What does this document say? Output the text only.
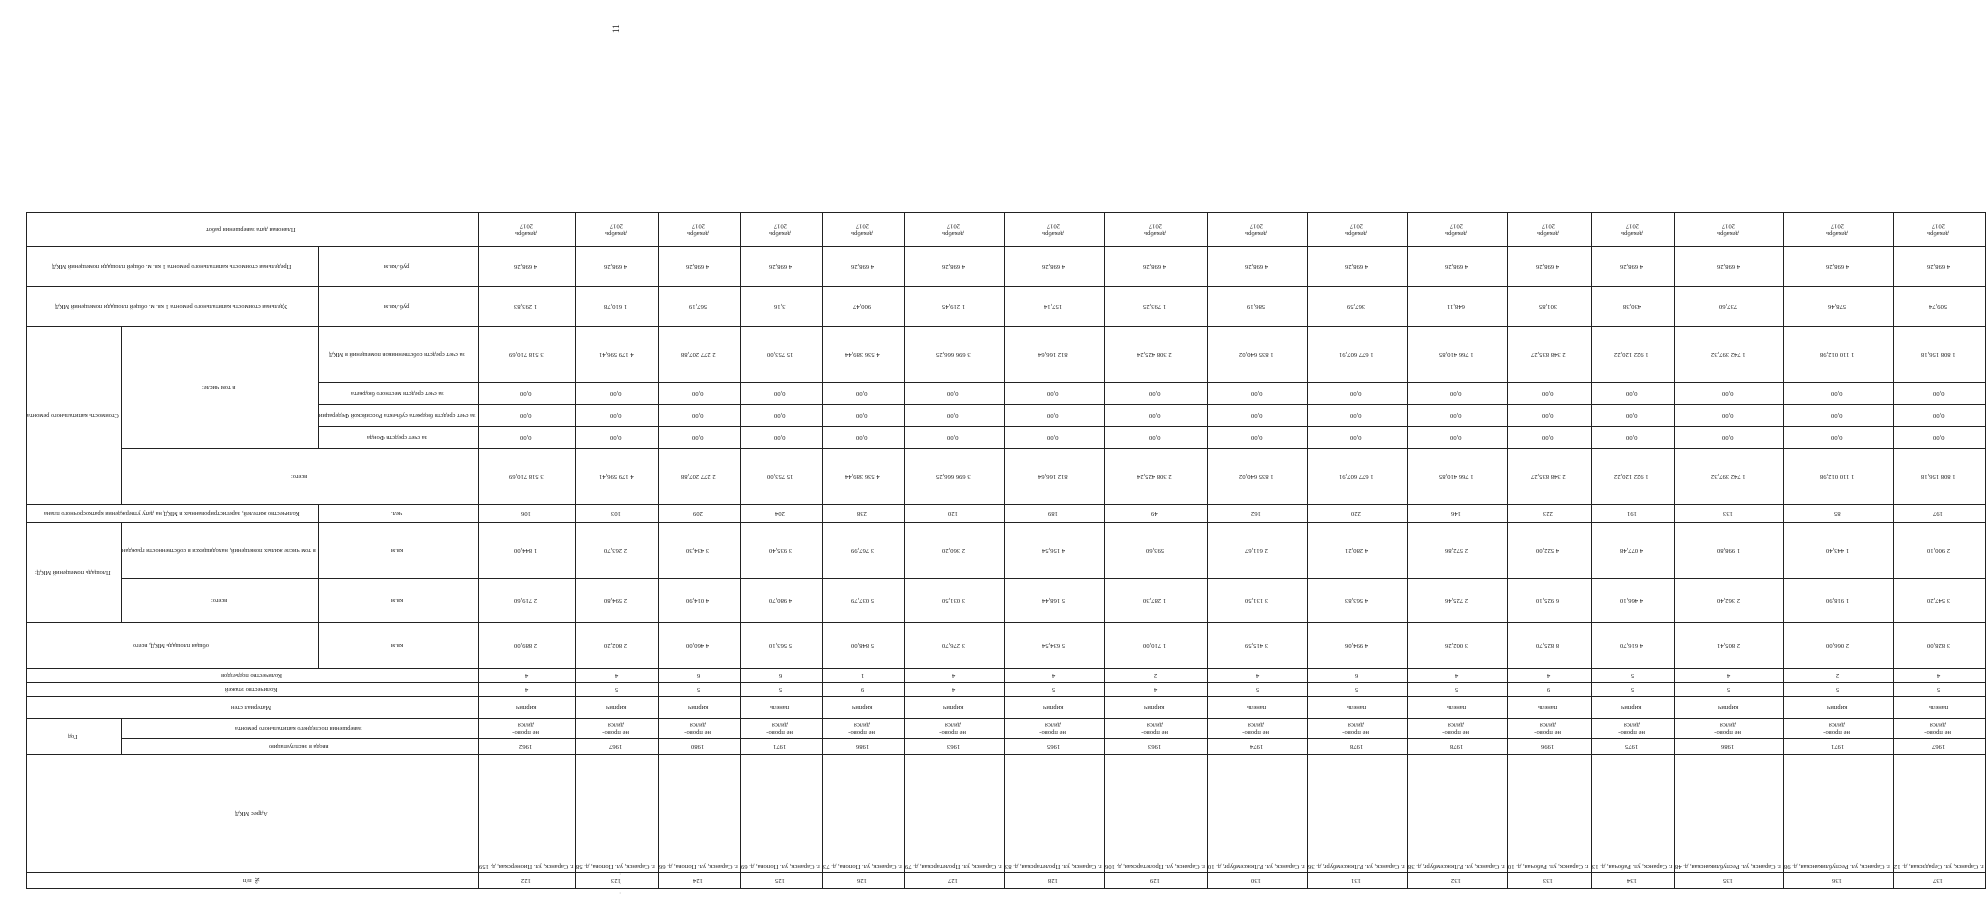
№ п/п	Адрес МКД	Год		Материал стен	Количество этажей	Количество подъездов	общая площадь МКД, всего	Площадь помещений МКД:		Количество жителей, зарегистрированных в МКД на дату утверждения краткосрочного плана	Стоимость капитального ремонта					Удельная стоимость капитального ремонта 1 кв. м. общей площади помещений МКД	Предельная стоимость капитального ремонта 1 кв. м. общей площади помещений МКД	Плановая дата завершения работ
		ввода в эксплуатацию	завершения последнего капитального ремонта					всего:	в том числе жилых помещений, находящихся в собственности граждан		всего:	в том числе:						
							кв.м	кв.м	кв.м	чел.		за счет средств Фонда	за счет средств бюджета субъекта Российской Федерации	за счет средств местного бюджета	за счет средств собственников помещений в МКД	руб./кв.м	руб./кв.м	
122	г. Саранск, ул. Пионерская, д. 159	1962	не прово-дился	кирпич	4	4	2 889,00	2 719,60	1 844,00	106	3 518 710,69	0,00	0,00	0,00	3 518 710,69	1 293,83	4 698,26	декабрь 2017
123	г. Саранск, ул. Попова, д. 58	1967	не прово-дился	кирпич	5	4	2 802,20	2 594,80	2 263,70	103	4 179 596,41	0,00	0,00	0,00	4 179 596,41	1 610,78	4 698,26	декабрь 2017
124	г. Саранск, ул. Попова, д. 66	1980	не прово-дился	кирпич	5	6	4 460,00	4 014,90	3 434,30	209	2 277 207,88	0,00	0,00	0,00	2 277 207,88	567,19	4 698,26	декабрь 2017
125	г. Саранск, ул. Попова, д. 69	1971	не прово-дился	панель	5	6	5 563,10	4 980,70	3 935,40	204	15 753,00	0,00	0,00	0,00	15 753,00	3,16	4 698,26	декабрь 2017
126	г. Саранск, ул. Попова, д. 73	1986	не прово-дился	кирпич	9	1	5 848,00	5 037,79	3 767,99	238	4 536 389,44	0,00	0,00	0,00	4 536 389,44	900,47	4 698,26	декабрь 2017
127	г. Саранск, ул. Пролетарская, д. 79	1963	не прово-дился	кирпич	4	4	3 276,70	3 031,50	2 360,20	120	3 696 666,25	0,00	0,00	0,00	3 696 666,25	1 219,45	4 698,26	декабрь 2017
128	г. Саранск, ул. Пролетарская, д. 83	1965	не прово-дился	кирпич	5	4	5 634,54	5 168,44	4 156,54	189	812 166,64	0,00	0,00	0,00	812 166,64	157,14	4 698,26	декабрь 2017
129	г. Саранск, ул. Пролетарская, д. 106	1963	не прово-дился	кирпич	4	2	1 710,00	1 287,30	593,60	49	2 308 425,24	0,00	0,00	0,00	2 308 425,24	1 793,25	4 698,26	декабрь 2017
130	г. Саранск, ул. Р.Люксембург, д. 10	1974	не прово-дился	панель	5	4	3 415,59	3 131,50	2 611,67	162	1 835 640,02	0,00	0,00	0,00	1 835 640,02	586,19	4 698,26	декабрь 2017
131	г. Саранск, ул. Р.Люксембург, д. 36	1978	не прово-дился	панель	5	6	4 994,06	4 563,83	4 280,21	220	1 677 607,91	0,00	0,00	0,00	1 677 607,91	367,59	4 698,26	декабрь 2017
132	г. Саранск, ул. Р.Люксембург, д. 38	1978	не прово-дился	панель	5	4	3 002,26	2 725,46	2 572,86	146	1 766 410,85	0,00	0,00	0,00	1 766 410,85	648,11	4 698,26	декабрь 2017
133	г. Саранск, ул. Рабочая, д. 10	1996	не прово-дился	панель	9	4	8 825,70	6 925,10	4 522,00	223	2 348 835,27	0,00	0,00	0,00	2 348 835,27	301,85	4 698,26	декабрь 2017
134	г. Саранск, ул. Рабочая, д. 13	1975	не прово-дился	кирпич	5	5	4 616,70	4 466,10	4 077,48	191	1 922 120,22	0,00	0,00	0,00	1 922 120,22	430,38	4 698,26	декабрь 2017
135	г. Саранск, ул. Республиканская, д. 48	1986	не прово-дился	кирпич	5	4	2 805,41	2 362,40	1 998,80	133	1 742 397,32	0,00	0,00	0,00	1 742 397,32	737,60	4 698,26	декабрь 2017
136	г. Саранск, ул. Республиканская, д. 98	1971	не прово-дился	кирпич	5	2	2 066,00	1 918,90	1 443,40	85	1 110 012,98	0,00	0,00	0,00	1 110 012,98	578,46	4 698,26	декабрь 2017
137	г. Саранск, ул. Серадзская, д. 12	1967	не прово-дился	панель	5	4	3 828,00	3 547,20	2 900,10	197	1 808 156,18	0,00	0,00	0,00	1 808 156,18	509,74	4 698,26	декабрь 2017
11
· · ·
